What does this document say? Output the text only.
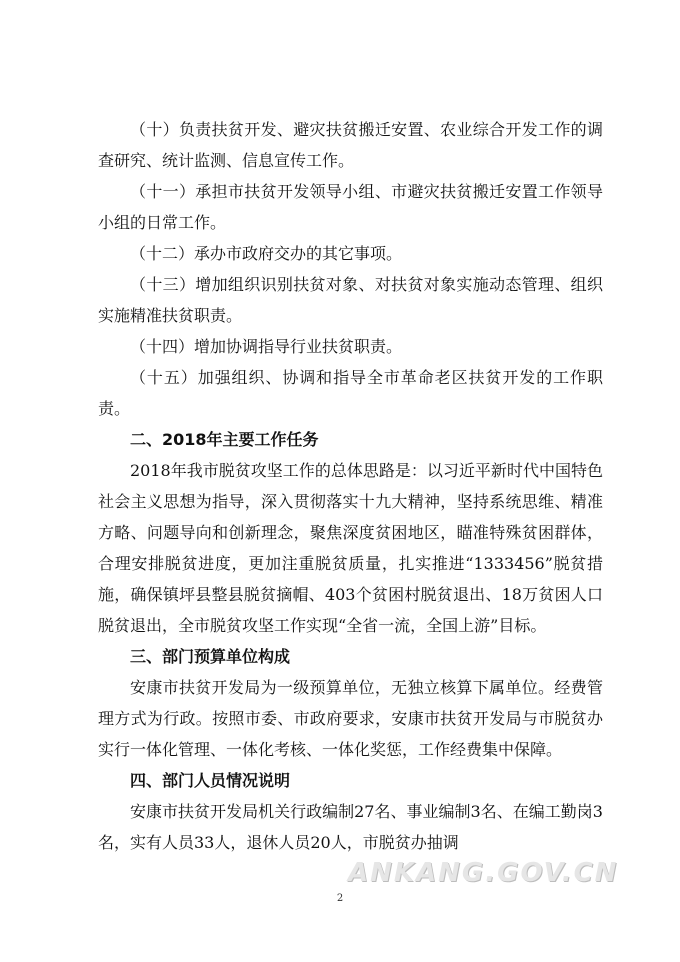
（十）负责扶贫开发、避灾扶贫搬迁安置、农业综合开发工作的调查研究、统计监测、信息宣传工作。

（十一）承担市扶贫开发领导小组、市避灾扶贫搬迁安置工作领导小组的日常工作。

（十二）承办市政府交办的其它事项。

（十三）增加组织识别扶贫对象、对扶贫对象实施动态管理、组织实施精准扶贫职责。

（十四）增加协调指导行业扶贫职责。

（十五）加强组织、协调和指导全市革命老区扶贫开发的工作职责。

二、2018年主要工作任务

2018年我市脱贫攻坚工作的总体思路是：以习近平新时代中国特色社会主义思想为指导，深入贯彻落实十九大精神，坚持系统思维、精准方略、问题导向和创新理念，聚焦深度贫困地区，瞄准特殊贫困群体，合理安排脱贫进度，更加注重脱贫质量，扎实推进“1333456”脱贫措施，确保镇坪县整县脱贫摘帽、403个贫困村脱贫退出、18万贫困人口脱贫退出，全市脱贫攻坚工作实现“全省一流，全国上游”目标。

三、部门预算单位构成

安康市扶贫开发局为一级预算单位，无独立核算下属单位。经费管理方式为行政。按照市委、市政府要求，安康市扶贫开发局与市脱贫办实行一体化管理、一体化考核、一体化奖惩，工作经费集中保障。

四、部门人员情况说明

安康市扶贫开发局机关行政编制27名、事业编制3名、在编工勤岗3名，实有人员33人，退休人员20人，市脱贫办抽调

ANKANG.GOV.CN
2
